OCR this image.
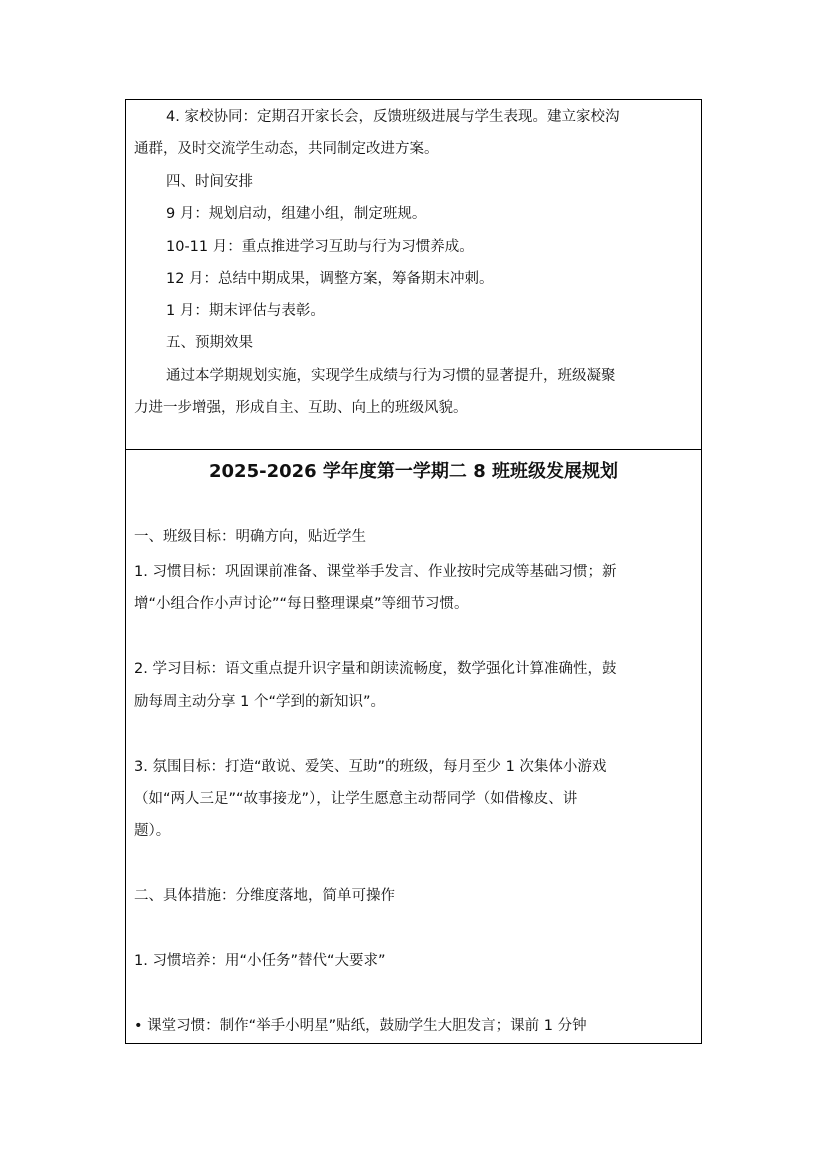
4. 家校协同：定期召开家长会，反馈班级进展与学生表现。建立家校沟
通群，及时交流学生动态，共同制定改进方案。
四、时间安排
9 月：规划启动，组建小组，制定班规。
10-11 月：重点推进学习互助与行为习惯养成。
12 月：总结中期成果，调整方案，筹备期末冲刺。
1 月：期末评估与表彰。
五、预期效果
通过本学期规划实施，实现学生成绩与行为习惯的显著提升，班级凝聚
力进一步增强，形成自主、互助、向上的班级风貌。
2025-2026 学年度第一学期二 8 班班级发展规划
一、班级目标：明确方向，贴近学生
1. 习惯目标：巩固课前准备、课堂举手发言、作业按时完成等基础习惯；新
增“小组合作小声讨论”“每日整理课桌”等细节习惯。
2. 学习目标：语文重点提升识字量和朗读流畅度，数学强化计算准确性，鼓
励每周主动分享 1 个“学到的新知识”。
3. 氛围目标：打造“敢说、爱笑、互助”的班级，每月至少 1 次集体小游戏
（如“两人三足”“故事接龙”），让学生愿意主动帮同学（如借橡皮、讲
题）。
二、具体措施：分维度落地，简单可操作
1. 习惯培养：用“小任务”替代“大要求”
• 课堂习惯：制作“举手小明星”贴纸，鼓励学生大胆发言；课前 1 分钟
